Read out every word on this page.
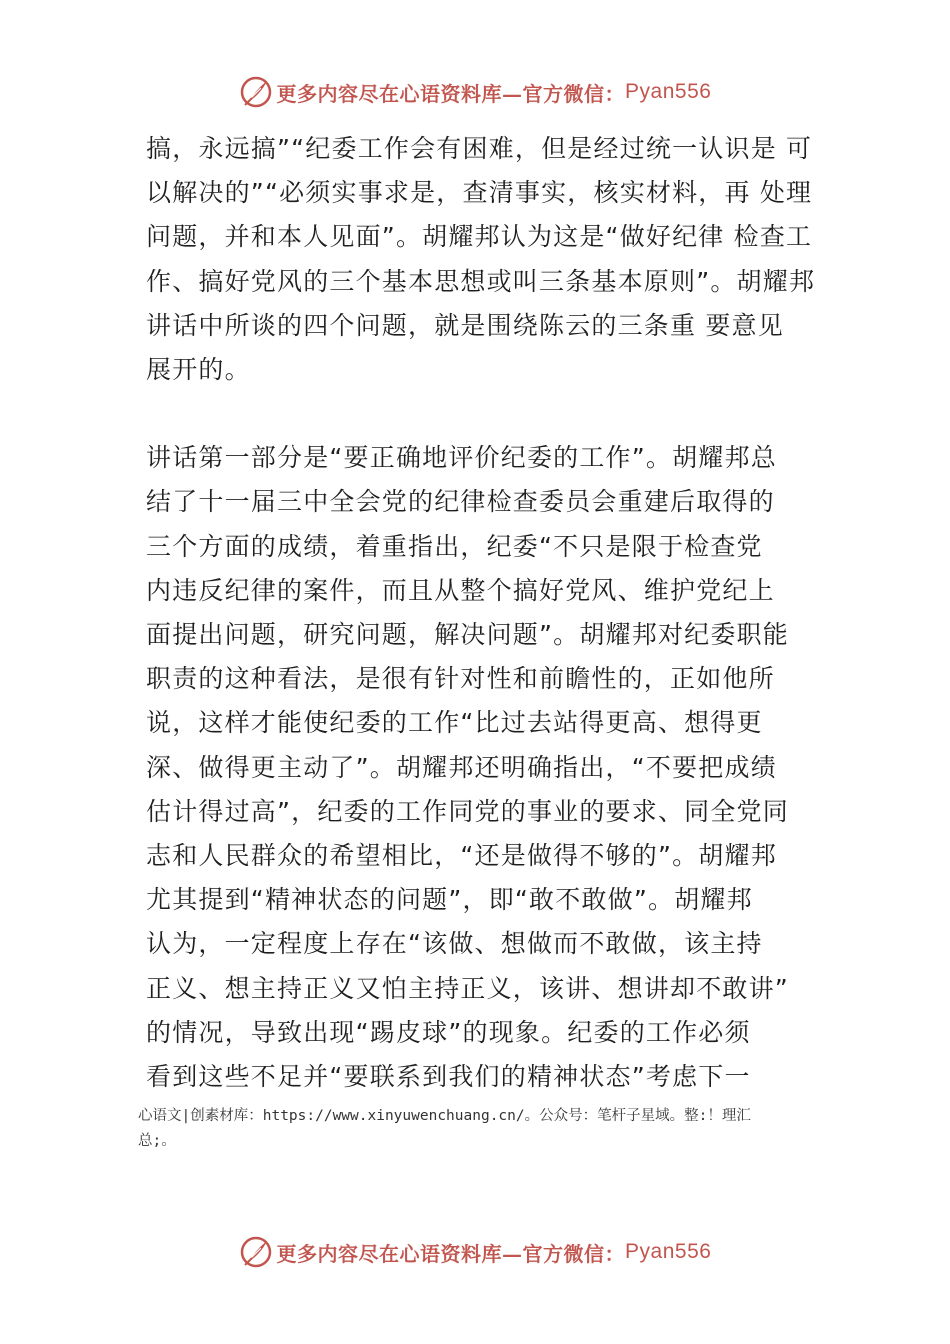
更多内容尽在心语资料库—官方微信： Pyan556

搞，永远搞”“纪委工作会有困难，但是经过统一认识是 可
以解决的”“必须实事求是，查清事实，核实材料，再 处理
问题，并和本人见面”。胡耀邦认为这是“做好纪律 检查工
作、搞好党风的三个基本思想或叫三条基本原则”。胡耀邦
讲话中所谈的四个问题，就是围绕陈云的三条重 要意见
展开的。

讲话第一部分是“要正确地评价纪委的工作”。胡耀邦总
结了十一届三中全会党的纪律检查委员会重建后取得的
三个方面的成绩，着重指出，纪委“不只是限于检查党
内违反纪律的案件，而且从整个搞好党风、维护党纪上
面提出问题，研究问题，解决问题”。胡耀邦对纪委职能
职责的这种看法，是很有针对性和前瞻性的，正如他所
说，这样才能使纪委的工作“比过去站得更高、想得更
深、做得更主动了”。胡耀邦还明确指出，“不要把成绩
估计得过高”，纪委的工作同党的事业的要求、同全党同
志和人民群众的希望相比，“还是做得不够的”。胡耀邦
尤其提到“精神状态的问题”，即“敢不敢做”。胡耀邦
认为，一定程度上存在“该做、想做而不敢做，该主持
正义、想主持正义又怕主持正义，该讲、想讲却不敢讲”
的情况，导致出现“踢皮球”的现象。纪委的工作必须
看到这些不足并“要联系到我们的精神状态”考虑下一

心语文|创素材库：https://www.xinyuwenchuang.cn/。公众号：笔杆子星域。整:！理汇
总;。
更多内容尽在心语资料库—官方微信： Pyan556
